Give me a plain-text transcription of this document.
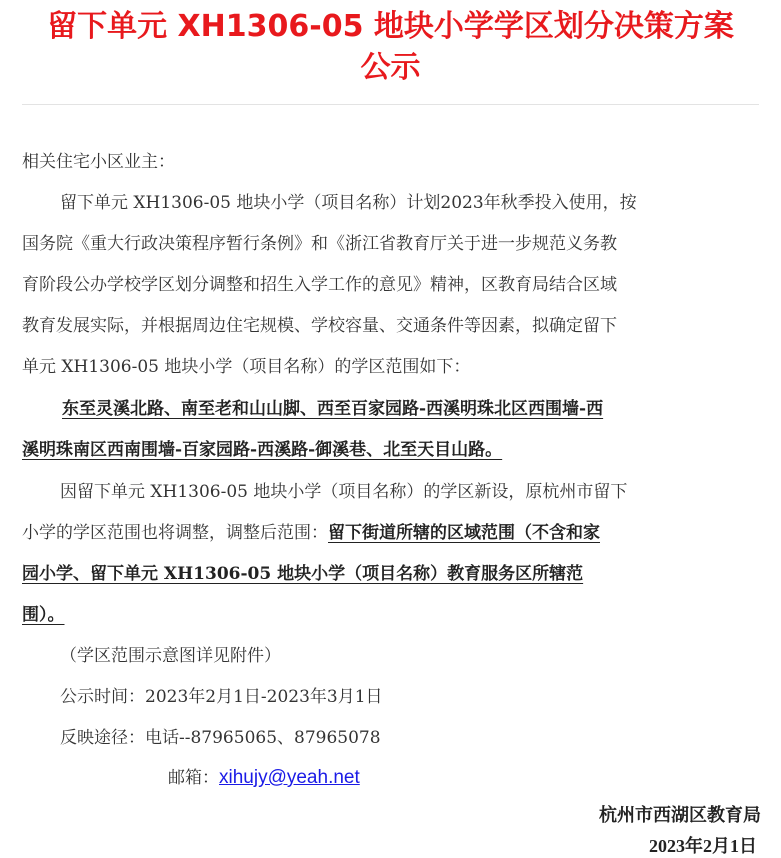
留下单元 XH1306-05 地块小学学区划分决策方案
公示

相关住宅小区业主：

留下单元 XH1306-05 地块小学（项目名称）计划2023年秋季投入使用，按

国务院《重大行政决策程序暂行条例》和《浙江省教育厅关于进一步规范义务教

育阶段公办学校学区划分调整和招生入学工作的意见》精神，区教育局结合区域

教育发展实际，并根据周边住宅规模、学校容量、交通条件等因素，拟确定留下

单元 XH1306-05 地块小学（项目名称）的学区范围如下：

东至灵溪北路、南至老和山山脚、西至百家园路-西溪明珠北区西围墙-西

溪明珠南区西南围墙-百家园路-西溪路-御溪巷、北至天目山路。

因留下单元 XH1306-05 地块小学（项目名称）的学区新设，原杭州市留下

小学的学区范围也将调整，调整后范围：留下街道所辖的区域范围（不含和家

园小学、留下单元 XH1306-05 地块小学（项目名称）教育服务区所辖范

围）。

（学区范围示意图详见附件）

公示时间：2023年2月1日-2023年3月1日

反映途径：电话--87965065、87965078

邮箱：xihujy@yeah.net

杭州市西湖区教育局

2023年2月1日
